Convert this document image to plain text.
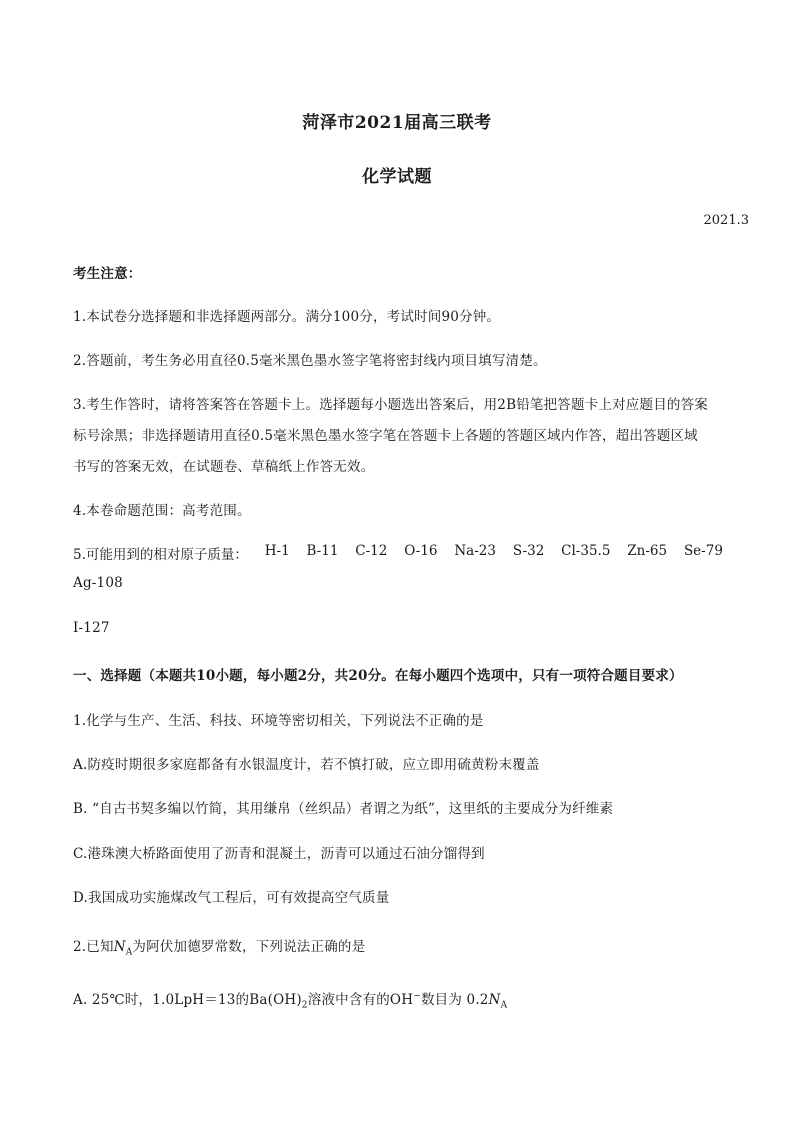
菏泽市2021届高三联考
化学试题
2021.3
考生注意：
1.本试卷分选择题和非选择题两部分。满分100分，考试时间90分钟。
2.答题前，考生务必用直径0.5毫米黑色墨水签字笔将密封线内项目填写清楚。
3.考生作答时，请将答案答在答题卡上。选择题每小题选出答案后，用2B铅笔把答题卡上对应题目的答案
标号涂黑；非选择题请用直径0.5毫米黑色墨水签字笔在答题卡上各题的答题区域内作答，超出答题区域
书写的答案无效，在试题卷、草稿纸上作答无效。
4.本卷命题范围：高考范围。
5.可能用到的相对原子质量： H-1 B-11 C-12 O-16 Na-23 S-32 Cl-35.5 Zn-65 Se-79
Ag-108
I-127
一、选择题（本题共10小题，每小题2分，共20分。在每小题四个选项中，只有一项符合题目要求）
1.化学与生产、生活、科技、环境等密切相关，下列说法不正确的是
A.防疫时期很多家庭都备有水银温度计，若不慎打破，应立即用硫黄粉末覆盖
B. “自古书契多编以竹简，其用缣帛（丝织品）者谓之为纸”，这里纸的主要成分为纤维素
C.港珠澳大桥路面使用了沥青和混凝土，沥青可以通过石油分馏得到
D.我国成功实施煤改气工程后，可有效提高空气质量
2.已知$N_A$为阿伏加德罗常数，下列说法正确的是
A. 25℃时，1.0LpH＝13的$Ba(OH)_2$溶液中含有的OH−数目为 $0.2N_A$
